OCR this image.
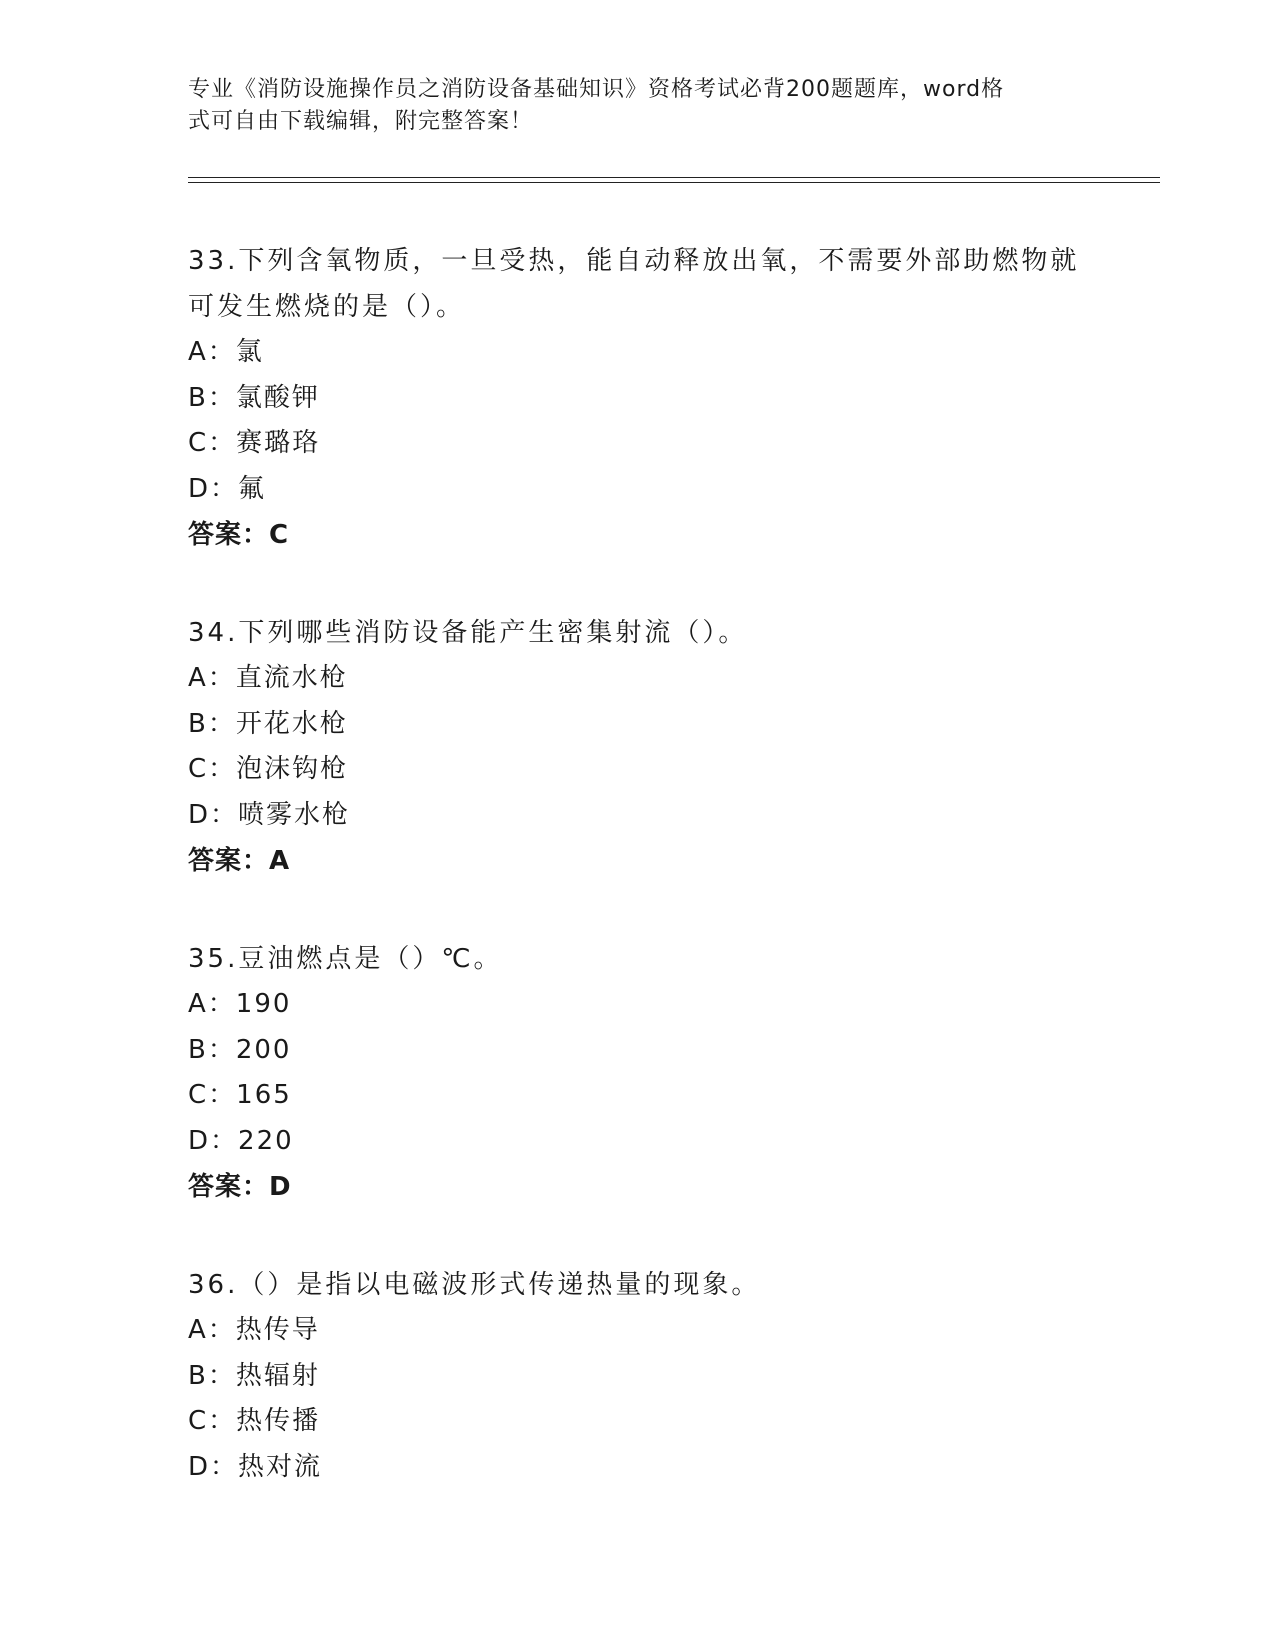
专业《消防设施操作员之消防设备基础知识》资格考试必背200题题库，word格
式可自由下载编辑，附完整答案！
33.下列含氧物质，一旦受热，能自动释放出氧，不需要外部助燃物就可发生燃烧的是（）。
A：氯
B：氯酸钾
C：赛璐珞
D：氟
答案：C
34.下列哪些消防设备能产生密集射流（）。
A：直流水枪
B：开花水枪
C：泡沫钩枪
D：喷雾水枪
答案：A
35.豆油燃点是（）℃。
A：190
B：200
C：165
D：220
答案：D
36.（）是指以电磁波形式传递热量的现象。
A：热传导
B：热辐射
C：热传播
D：热对流
